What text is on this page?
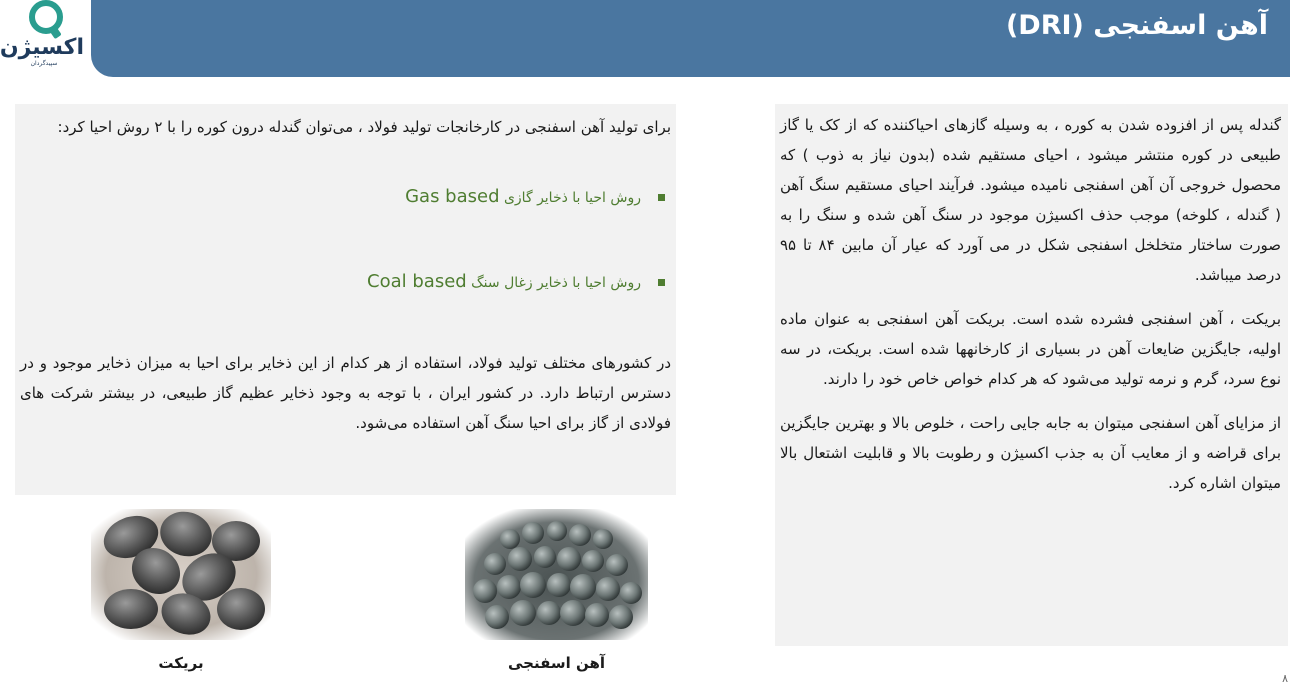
آهن اسفنجی (DRI)
اکسیژن
سپیدگردان

گندله پس از افزوده شدن به کوره ، به وسیله گازهای احیاکننده که از کک یا گاز طبیعی در کوره منتشر میشود ، احیای مستقیم شده (بدون نیاز به ذوب ) که محصول خروجی آن آهن اسفنجی نامیده میشود. فرآیند احیای مستقیم سنگ آهن ( گندله ، کلوخه) موجب حذف اکسیژن موجود در سنگ آهن شده و سنگ را به صورت ساختار متخلخل اسفنجی شکل در می آورد که عیار آن مابین ۸۴ تا ۹۵ درصد میباشد.

بریکت ، آهن اسفنجی فشرده شده است. بریکت آهن اسفنجی به عنوان ماده اولیه، جایگزین ضایعات آهن در بسیاری از کارخانهها شده است. بریکت، در سه نوع سرد، گرم و نرمه تولید می‌شود که هر کدام خواص خاص خود را دارند.

از مزایای آهن اسفنجی میتوان به جابه جایی راحت ، خلوص بالا و بهترین جایگزین برای قراضه و از معایب آن به جذب اکسیژن و رطوبت بالا و قابلیت اشتعال بالا میتوان اشاره کرد.

برای تولید آهن اسفنجی در کارخانجات تولید فولاد ، می‌توان گندله درون کوره را با ۲ روش احیا کرد:

روش احیا با ذخایر گازی Gas based
روش احیا با ذخایر زغال سنگ Coal based

در کشورهای مختلف تولید فولاد، استفاده از هر کدام از این ذخایر برای احیا به میزان ذخایر موجود و در دسترس ارتباط دارد. در کشور ایران ، با توجه به وجود ذخایر عظیم گاز طبیعی، در بیشتر شرکت های فولادی از گاز برای احیا سنگ آهن استفاده می‌شود.

بریکت	آهن اسفنجی
۸
